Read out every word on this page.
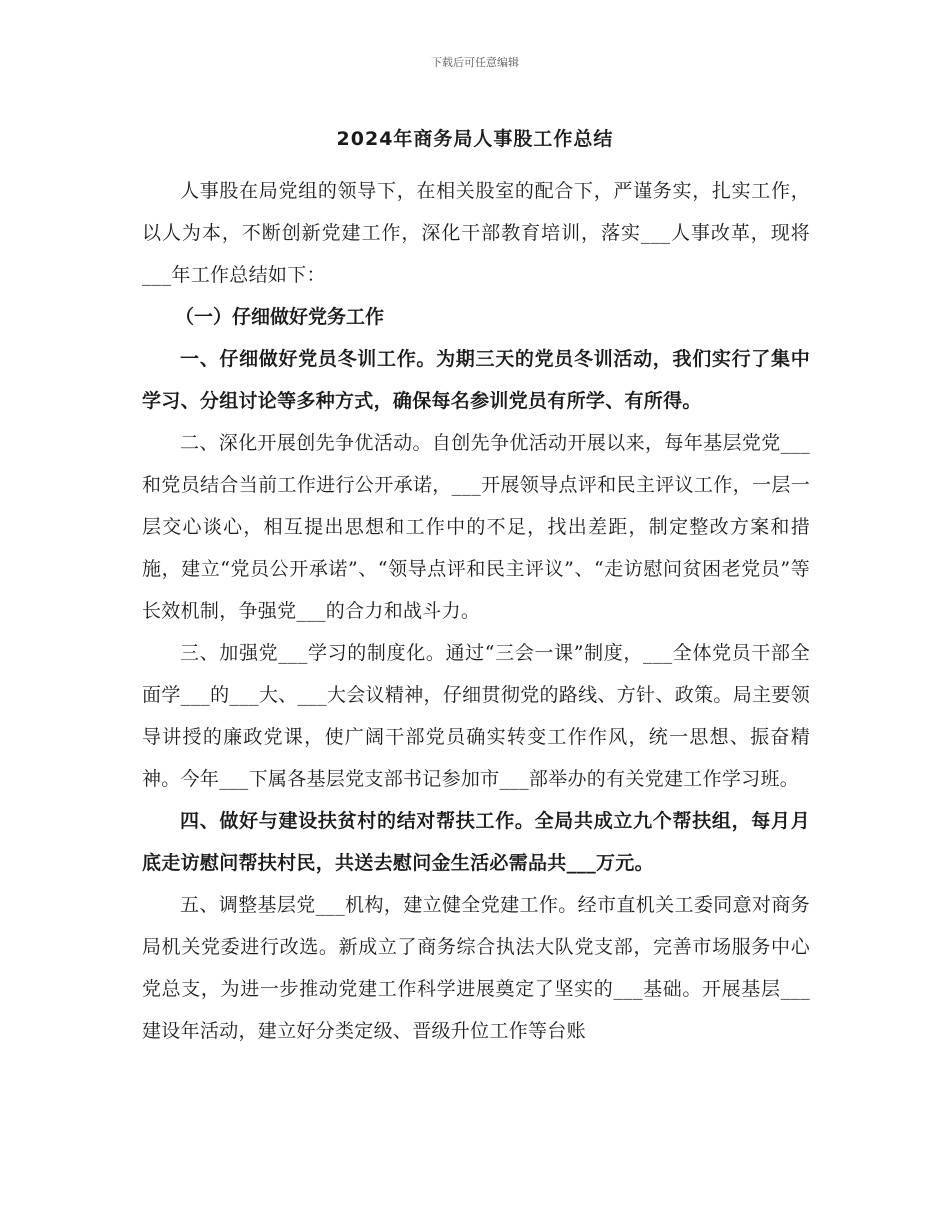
下载后可任意编辑
2024年商务局人事股工作总结

人事股在局党组的领导下，在相关股室的配合下，严谨务实，扎实工作，以人为本，不断创新党建工作，深化干部教育培训，落实___人事改革，现将___年工作总结如下：

（一）仔细做好党务工作

一、仔细做好党员冬训工作。为期三天的党员冬训活动，我们实行了集中学习、分组讨论等多种方式，确保每名参训党员有所学、有所得。

二、深化开展创先争优活动。自创先争优活动开展以来，每年基层党党___和党员结合当前工作进行公开承诺，___开展领导点评和民主评议工作，一层一层交心谈心，相互提出思想和工作中的不足，找出差距，制定整改方案和措施，建立“党员公开承诺”、“领导点评和民主评议”、“走访慰问贫困老党员”等长效机制，争强党___的合力和战斗力。

三、加强党___学习的制度化。通过“三会一课”制度，___全体党员干部全面学___的___大、___大会议精神，仔细贯彻党的路线、方针、政策。局主要领导讲授的廉政党课，使广阔干部党员确实转变工作作风，统一思想、振奋精神。今年___下属各基层党支部书记参加市___部举办的有关党建工作学习班。

四、做好与建设扶贫村的结对帮扶工作。全局共成立九个帮扶组，每月月底走访慰问帮扶村民，共送去慰问金生活必需品共___万元。

五、调整基层党___机构，建立健全党建工作。经市直机关工委同意对商务局机关党委进行改选。新成立了商务综合执法大队党支部，完善市场服务中心党总支，为进一步推动党建工作科学进展奠定了坚实的___基础。开展基层___建设年活动，建立好分类定级、晋级升位工作等台账
